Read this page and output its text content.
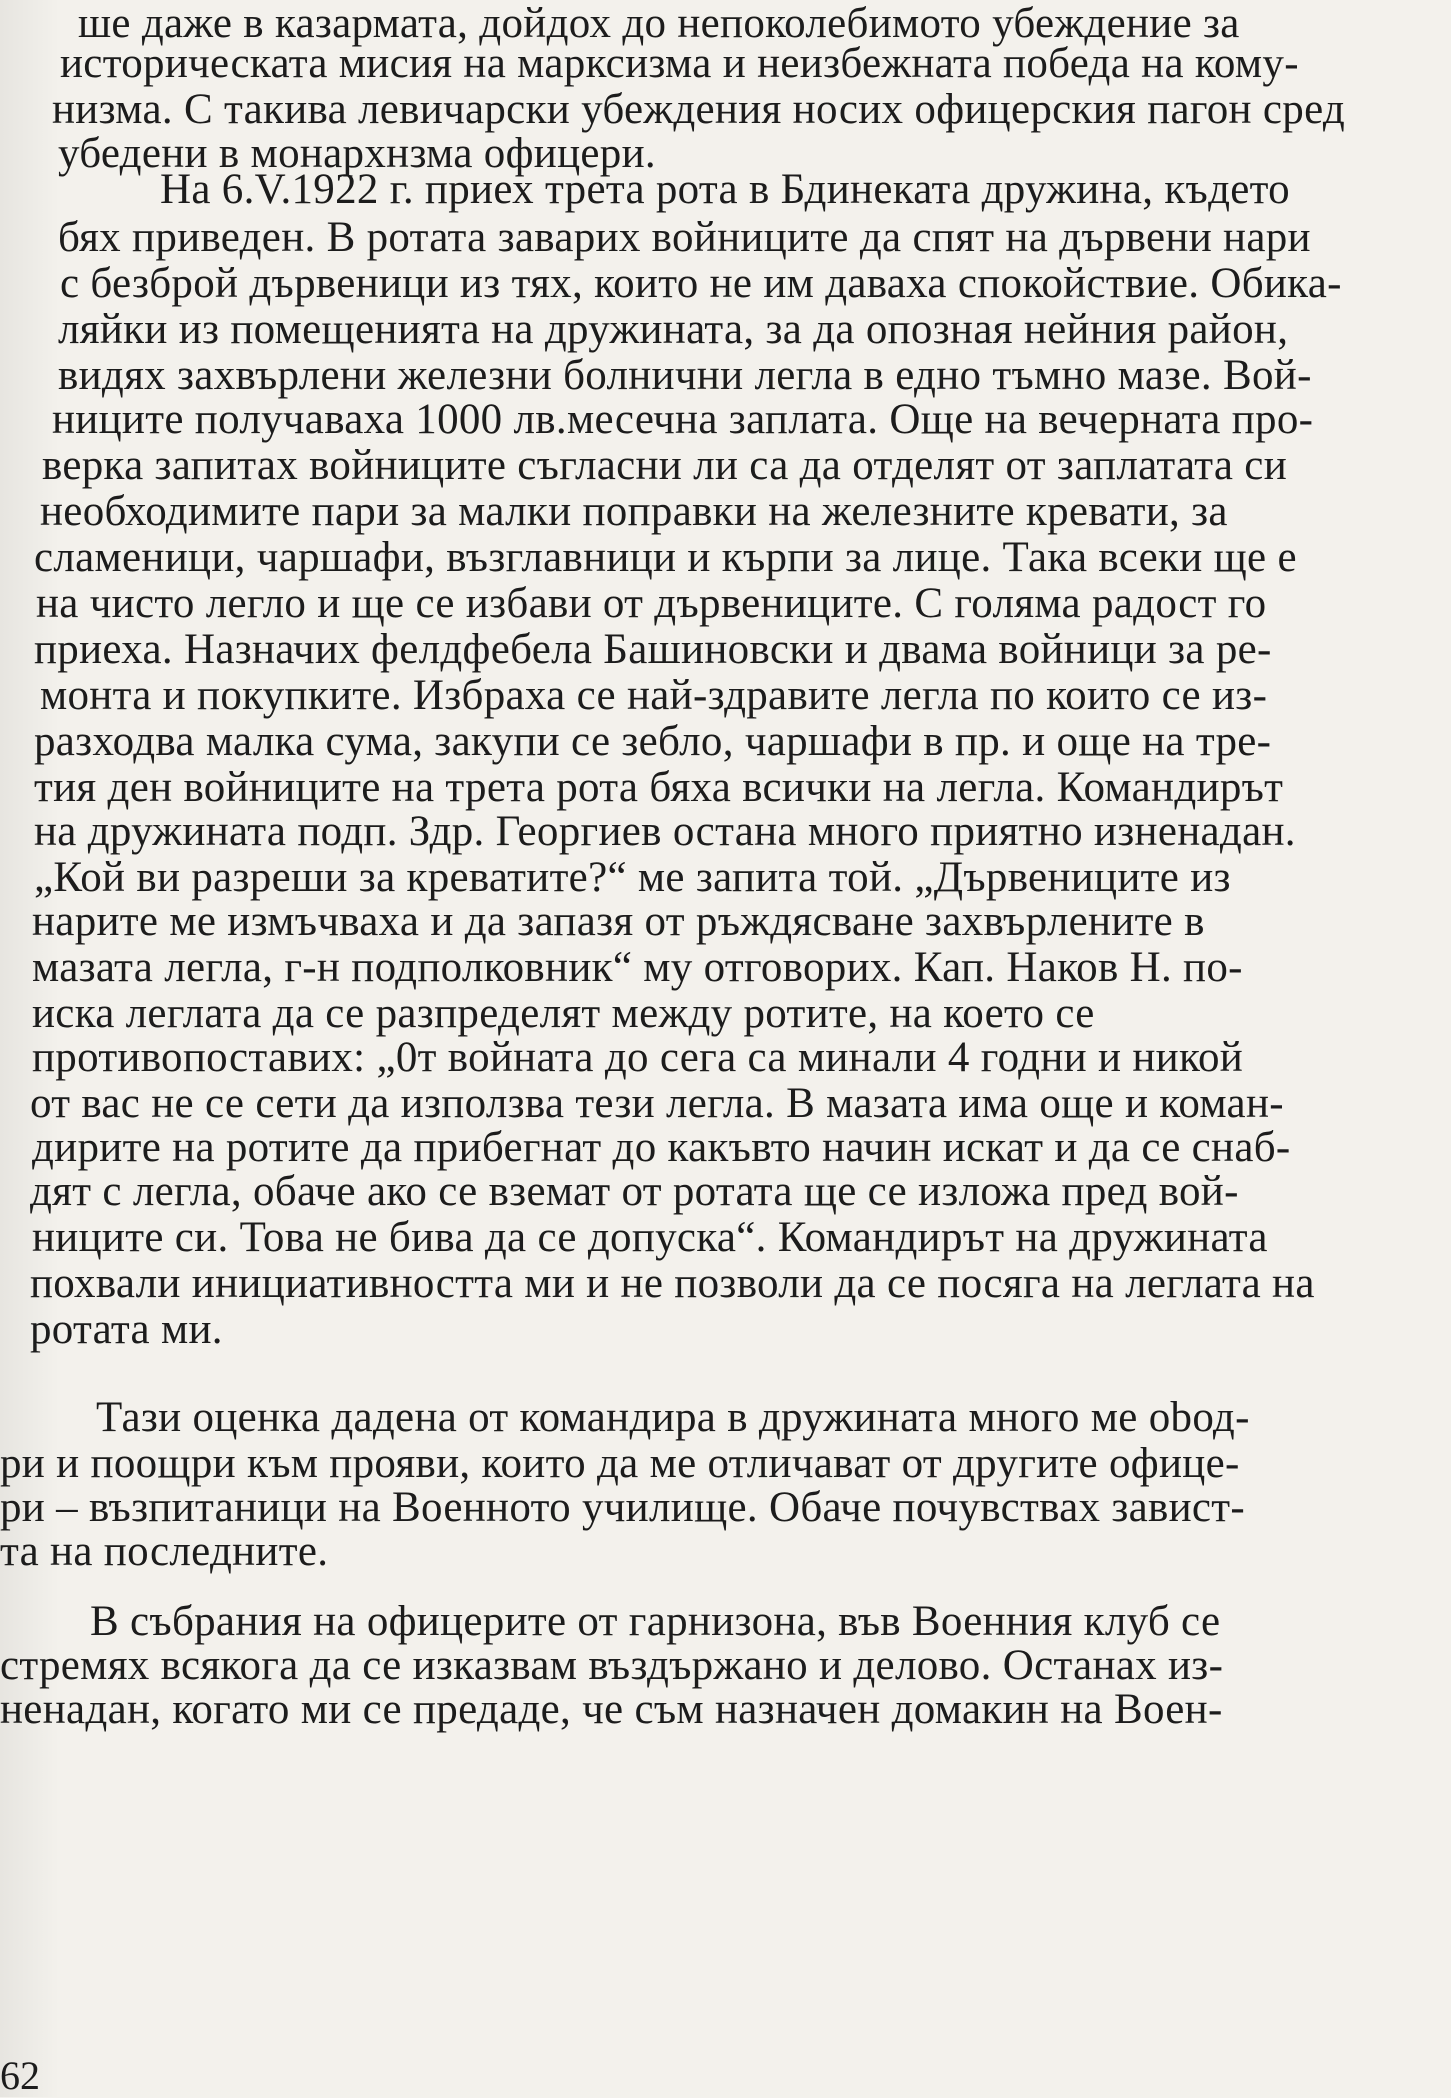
ше даже в казармата, дойдох до непоколебимото убеждение за
историческата мисия на марксизма и неизбежната победа на кому-
низма. С такива левичарски убеждения носих офицерския пагон сред
убедени в монархнзма офицери.
На 6.V.1922 г. приех трета рота в Бдинеката дружина, където
бях приведен. В ротата заварих войниците да спят на дървени нари
с безброй дървеници из тях, които не им даваха спокойствие. Обика-
ляйки из помещенията на дружината, за да опозная нейния район,
видях захвърлени железни болнични легла в едно тъмно мазе. Вой-
ниците получаваха 1000 лв.месечна заплата. Още на вечерната про-
верка запитах войниците съгласни ли са да отделят от заплатата си
необходимите пари за малки поправки на железните кревати, за
сламеници, чаршафи, възглавници и кърпи за лице. Така всеки ще е
на чисто легло и ще се избави от дървениците. С голяма радост го
приеха. Назначих фелдфебела Башиновски и двама войници за ре-
монта и покупките. Избраха се най-здравите легла по които се из-
разходва малка сума, закупи се зебло, чаршафи в пр. и още на тре-
тия ден войниците на трета рота бяха всички на легла. Командирът
на дружината подп. Здр. Георгиев остана много приятно изненадан.
„Кой ви разреши за креватите?“ ме запита той. „Дървениците из
нарите ме измъчваха и да запазя от ръждясване захвърлените в
мазата легла, г-н подполковник“ му отговорих. Кап. Наков Н. по-
иска леглата да се разпределят между ротите, на което се
противопоставих: „0т войната до сега са минали 4 годни и никой
от вас не се сети да използва тези легла. В мазата има още и коман-
дирите на ротите да прибегнат до какъвто начин искат и да се снаб-
дят с легла, обаче ако се вземат от ротата ще се изложа пред вой-
ниците си. Това не бива да се допуска“. Командирът на дружината
похвали инициативността ми и не позволи да се посяга на леглата на
ротата ми.
Тази оценка дадена от командира в дружината много ме obод-
ри и поощри към прояви, които да ме отличават от другите офице-
ри – възпитаници на Военното училище. Обаче почувствах завист-
та на последните.
В събрания на офицерите от гарнизона, във Военния клуб се
стремях всякога да се изказвам въздържано и делово. Останах из-
ненадан, когато ми се предаде, че съм назначен домакин на Воен-
62
